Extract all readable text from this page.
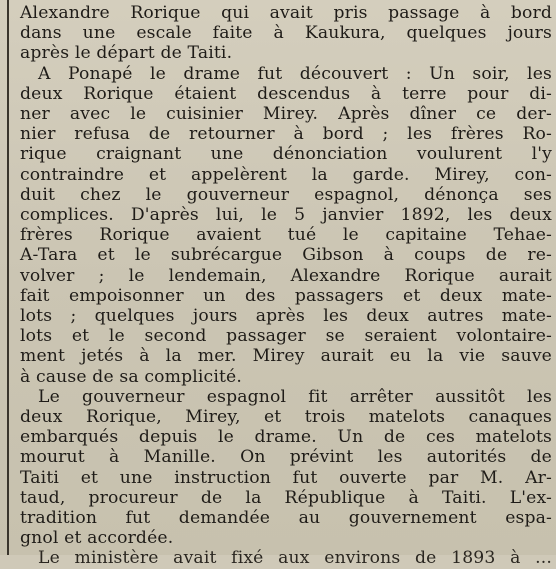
Alexandre Rorique qui avait pris passage à bord
dans une escale faite à Kaukura, quelques jours
après le départ de Taiti.
A Ponapé le drame fut découvert : Un soir, les
deux Rorique étaient descendus à terre pour di-
ner avec le cuisinier Mirey. Après dîner ce der-
nier refusa de retourner à bord ; les frères Ro-
rique craignant une dénonciation voulurent l'y
contraindre et appelèrent la garde. Mirey, con-
duit chez le gouverneur espagnol, dénonça ses
complices. D'après lui, le 5 janvier 1892, les deux
frères Rorique avaient tué le capitaine Tehae-
A-Tara et le subrécargue Gibson à coups de re-
volver ; le lendemain, Alexandre Rorique aurait
fait empoisonner un des passagers et deux mate-
lots ; quelques jours après les deux autres mate-
lots et le second passager se seraient volontaire-
ment jetés à la mer. Mirey aurait eu la vie sauve
à cause de sa complicité.
Le gouverneur espagnol fit arrêter aussitôt les
deux Rorique, Mirey, et trois matelots canaques
embarqués depuis le drame. Un de ces matelots
mourut à Manille. On prévint les autorités de
Taiti et une instruction fut ouverte par M. Ar-
taud, procureur de la République à Taiti. L'ex-
tradition fut demandée au gouvernement espa-
gnol et accordée.
Le ministère avait fixé aux environs de 1893 à ...
